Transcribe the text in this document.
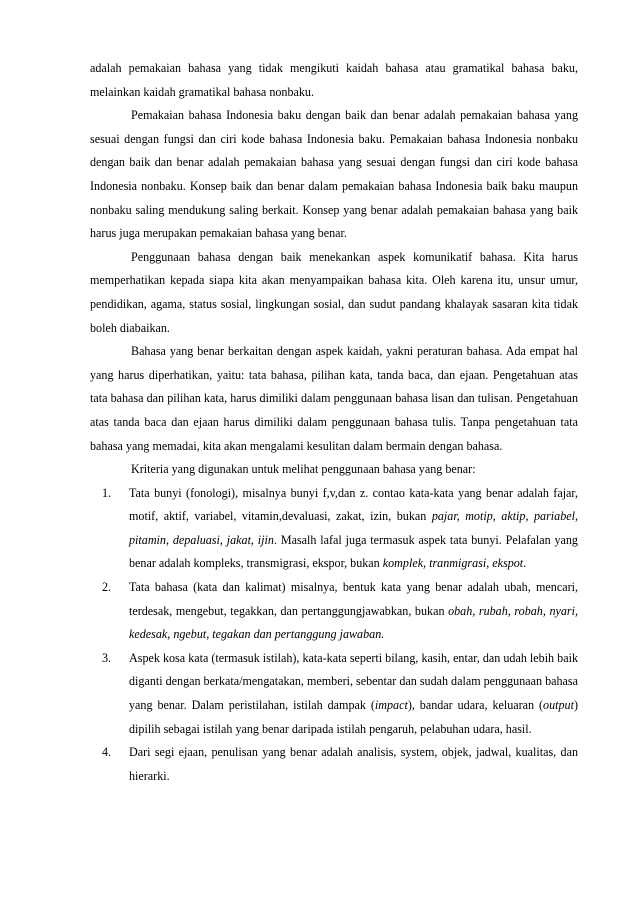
adalah pemakaian bahasa yang tidak mengikuti kaidah bahasa atau gramatikal bahasa baku, melainkan kaidah gramatikal bahasa nonbaku.

Pemakaian bahasa Indonesia baku dengan baik dan benar adalah pemakaian bahasa yang sesuai dengan fungsi dan ciri kode bahasa Indonesia baku. Pemakaian bahasa Indonesia nonbaku dengan baik dan benar adalah pemakaian bahasa yang sesuai dengan fungsi dan ciri kode bahasa Indonesia nonbaku. Konsep baik dan benar dalam pemakaian bahasa Indonesia baik baku maupun nonbaku saling mendukung saling berkait. Konsep yang benar adalah pemakaian bahasa yang baik harus juga merupakan pemakaian bahasa yang benar.

Penggunaan bahasa dengan baik menekankan aspek komunikatif bahasa. Kita harus memperhatikan kepada siapa kita akan menyampaikan bahasa kita. Oleh karena itu, unsur umur, pendidikan, agama, status sosial, lingkungan sosial, dan sudut pandang khalayak sasaran kita tidak boleh diabaikan.

Bahasa yang benar berkaitan dengan aspek kaidah, yakni peraturan bahasa. Ada empat hal yang harus diperhatikan, yaitu: tata bahasa, pilihan kata, tanda baca, dan ejaan. Pengetahuan atas tata bahasa dan pilihan kata, harus dimiliki dalam penggunaan bahasa lisan dan tulisan. Pengetahuan atas tanda baca dan ejaan harus dimiliki dalam penggunaan bahasa tulis. Tanpa pengetahuan tata bahasa yang memadai, kita akan mengalami kesulitan dalam bermain dengan bahasa.

Kriteria yang digunakan untuk melihat penggunaan bahasa yang benar:

1. Tata bunyi (fonologi), misalnya bunyi f,v,dan z. contao kata-kata yang benar adalah fajar, motif, aktif, variabel, vitamin,devaluasi, zakat, izin, bukan pajar, motip, aktip, pariabel, pitamin, depaluasi, jakat, ijin. Masalh lafal juga termasuk aspek tata bunyi. Pelafalan yang benar adalah kompleks, transmigrasi, ekspor, bukan komplek, tranmigrasi, ekspot.
2. Tata bahasa (kata dan kalimat) misalnya, bentuk kata yang benar adalah ubah, mencari, terdesak, mengebut, tegakkan, dan pertanggungjawabkan, bukan obah, rubah, robah, nyari, kedesak, ngebut, tegakan dan pertanggung jawaban.
3. Aspek kosa kata (termasuk istilah), kata-kata seperti bilang, kasih, entar, dan udah lebih baik diganti dengan berkata/mengatakan, memberi, sebentar dan sudah dalam penggunaan bahasa yang benar. Dalam peristilahan, istilah dampak (impact), bandar udara, keluaran (output) dipilih sebagai istilah yang benar daripada istilah pengaruh, pelabuhan udara, hasil.
4. Dari segi ejaan, penulisan yang benar adalah analisis, system, objek, jadwal, kualitas, dan hierarki.
